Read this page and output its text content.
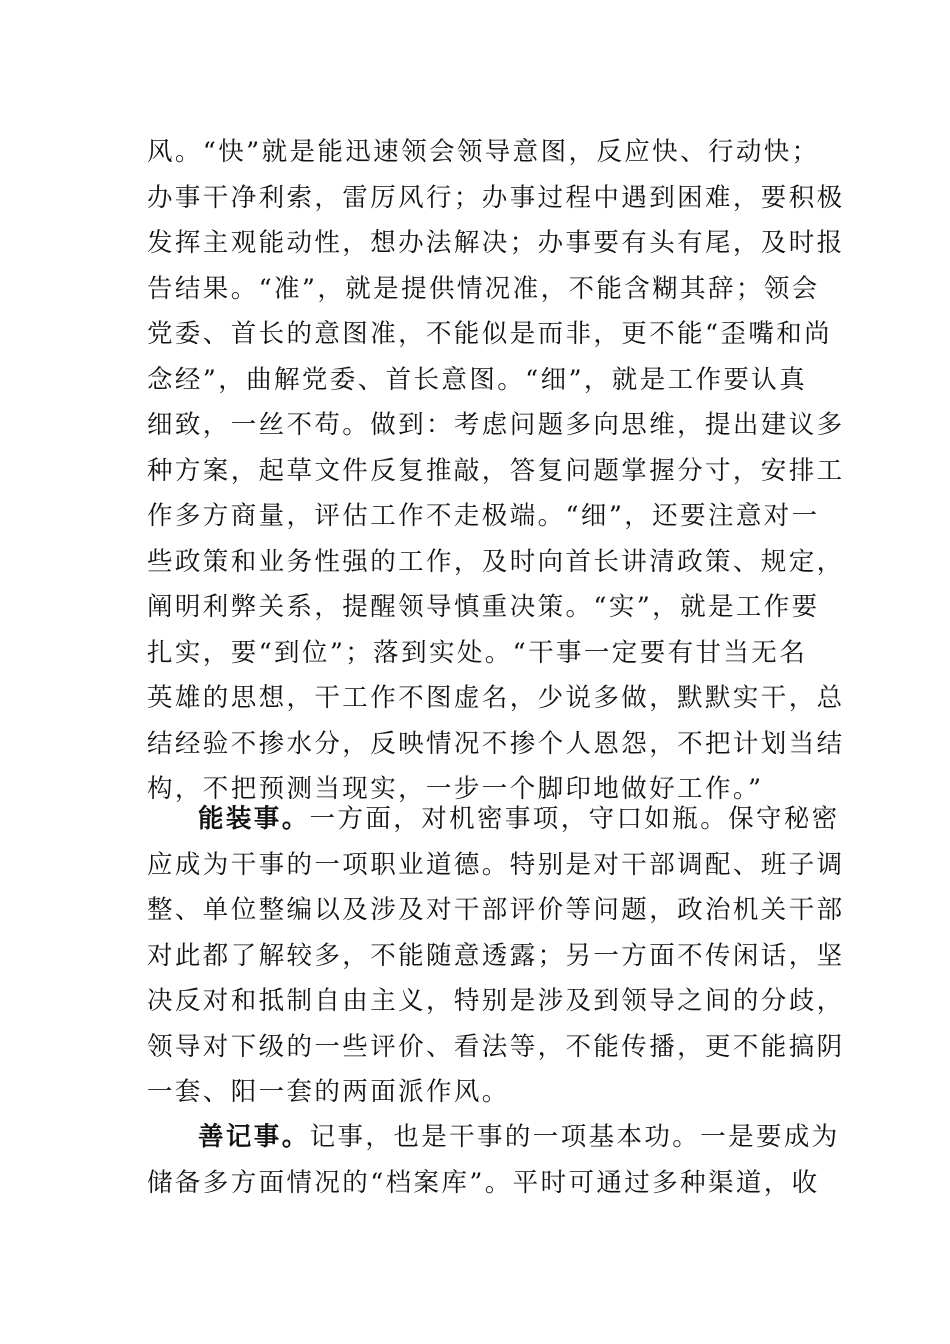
风。“快”就是能迅速领会领导意图，反应快、行动快；
办事干净利索，雷厉风行；办事过程中遇到困难，要积极
发挥主观能动性，想办法解决；办事要有头有尾，及时报
告结果。“准”，就是提供情况准，不能含糊其辞；领会
党委、首长的意图准，不能似是而非，更不能“歪嘴和尚
念经”，曲解党委、首长意图。“细”，就是工作要认真
细致，一丝不苟。做到：考虑问题多向思维，提出建议多
种方案，起草文件反复推敲，答复问题掌握分寸，安排工
作多方商量，评估工作不走极端。“细”，还要注意对一
些政策和业务性强的工作，及时向首长讲清政策、规定，
阐明利弊关系，提醒领导慎重决策。“实”，就是工作要
扎实，要“到位”；落到实处。“干事一定要有甘当无名
英雄的思想，干工作不图虚名，少说多做，默默实干，总
结经验不掺水分，反映情况不掺个人恩怨，不把计划当结
构，不把预测当现实，一步一个脚印地做好工作。”
能装事。一方面，对机密事项，守口如瓶。保守秘密
应成为干事的一项职业道德。特别是对干部调配、班子调
整、单位整编以及涉及对干部评价等问题，政治机关干部
对此都了解较多，不能随意透露；另一方面不传闲话，坚
决反对和抵制自由主义，特别是涉及到领导之间的分歧，
领导对下级的一些评价、看法等，不能传播，更不能搞阴
一套、阳一套的两面派作风。
善记事。记事，也是干事的一项基本功。一是要成为
储备多方面情况的“档案库”。平时可通过多种渠道，收
